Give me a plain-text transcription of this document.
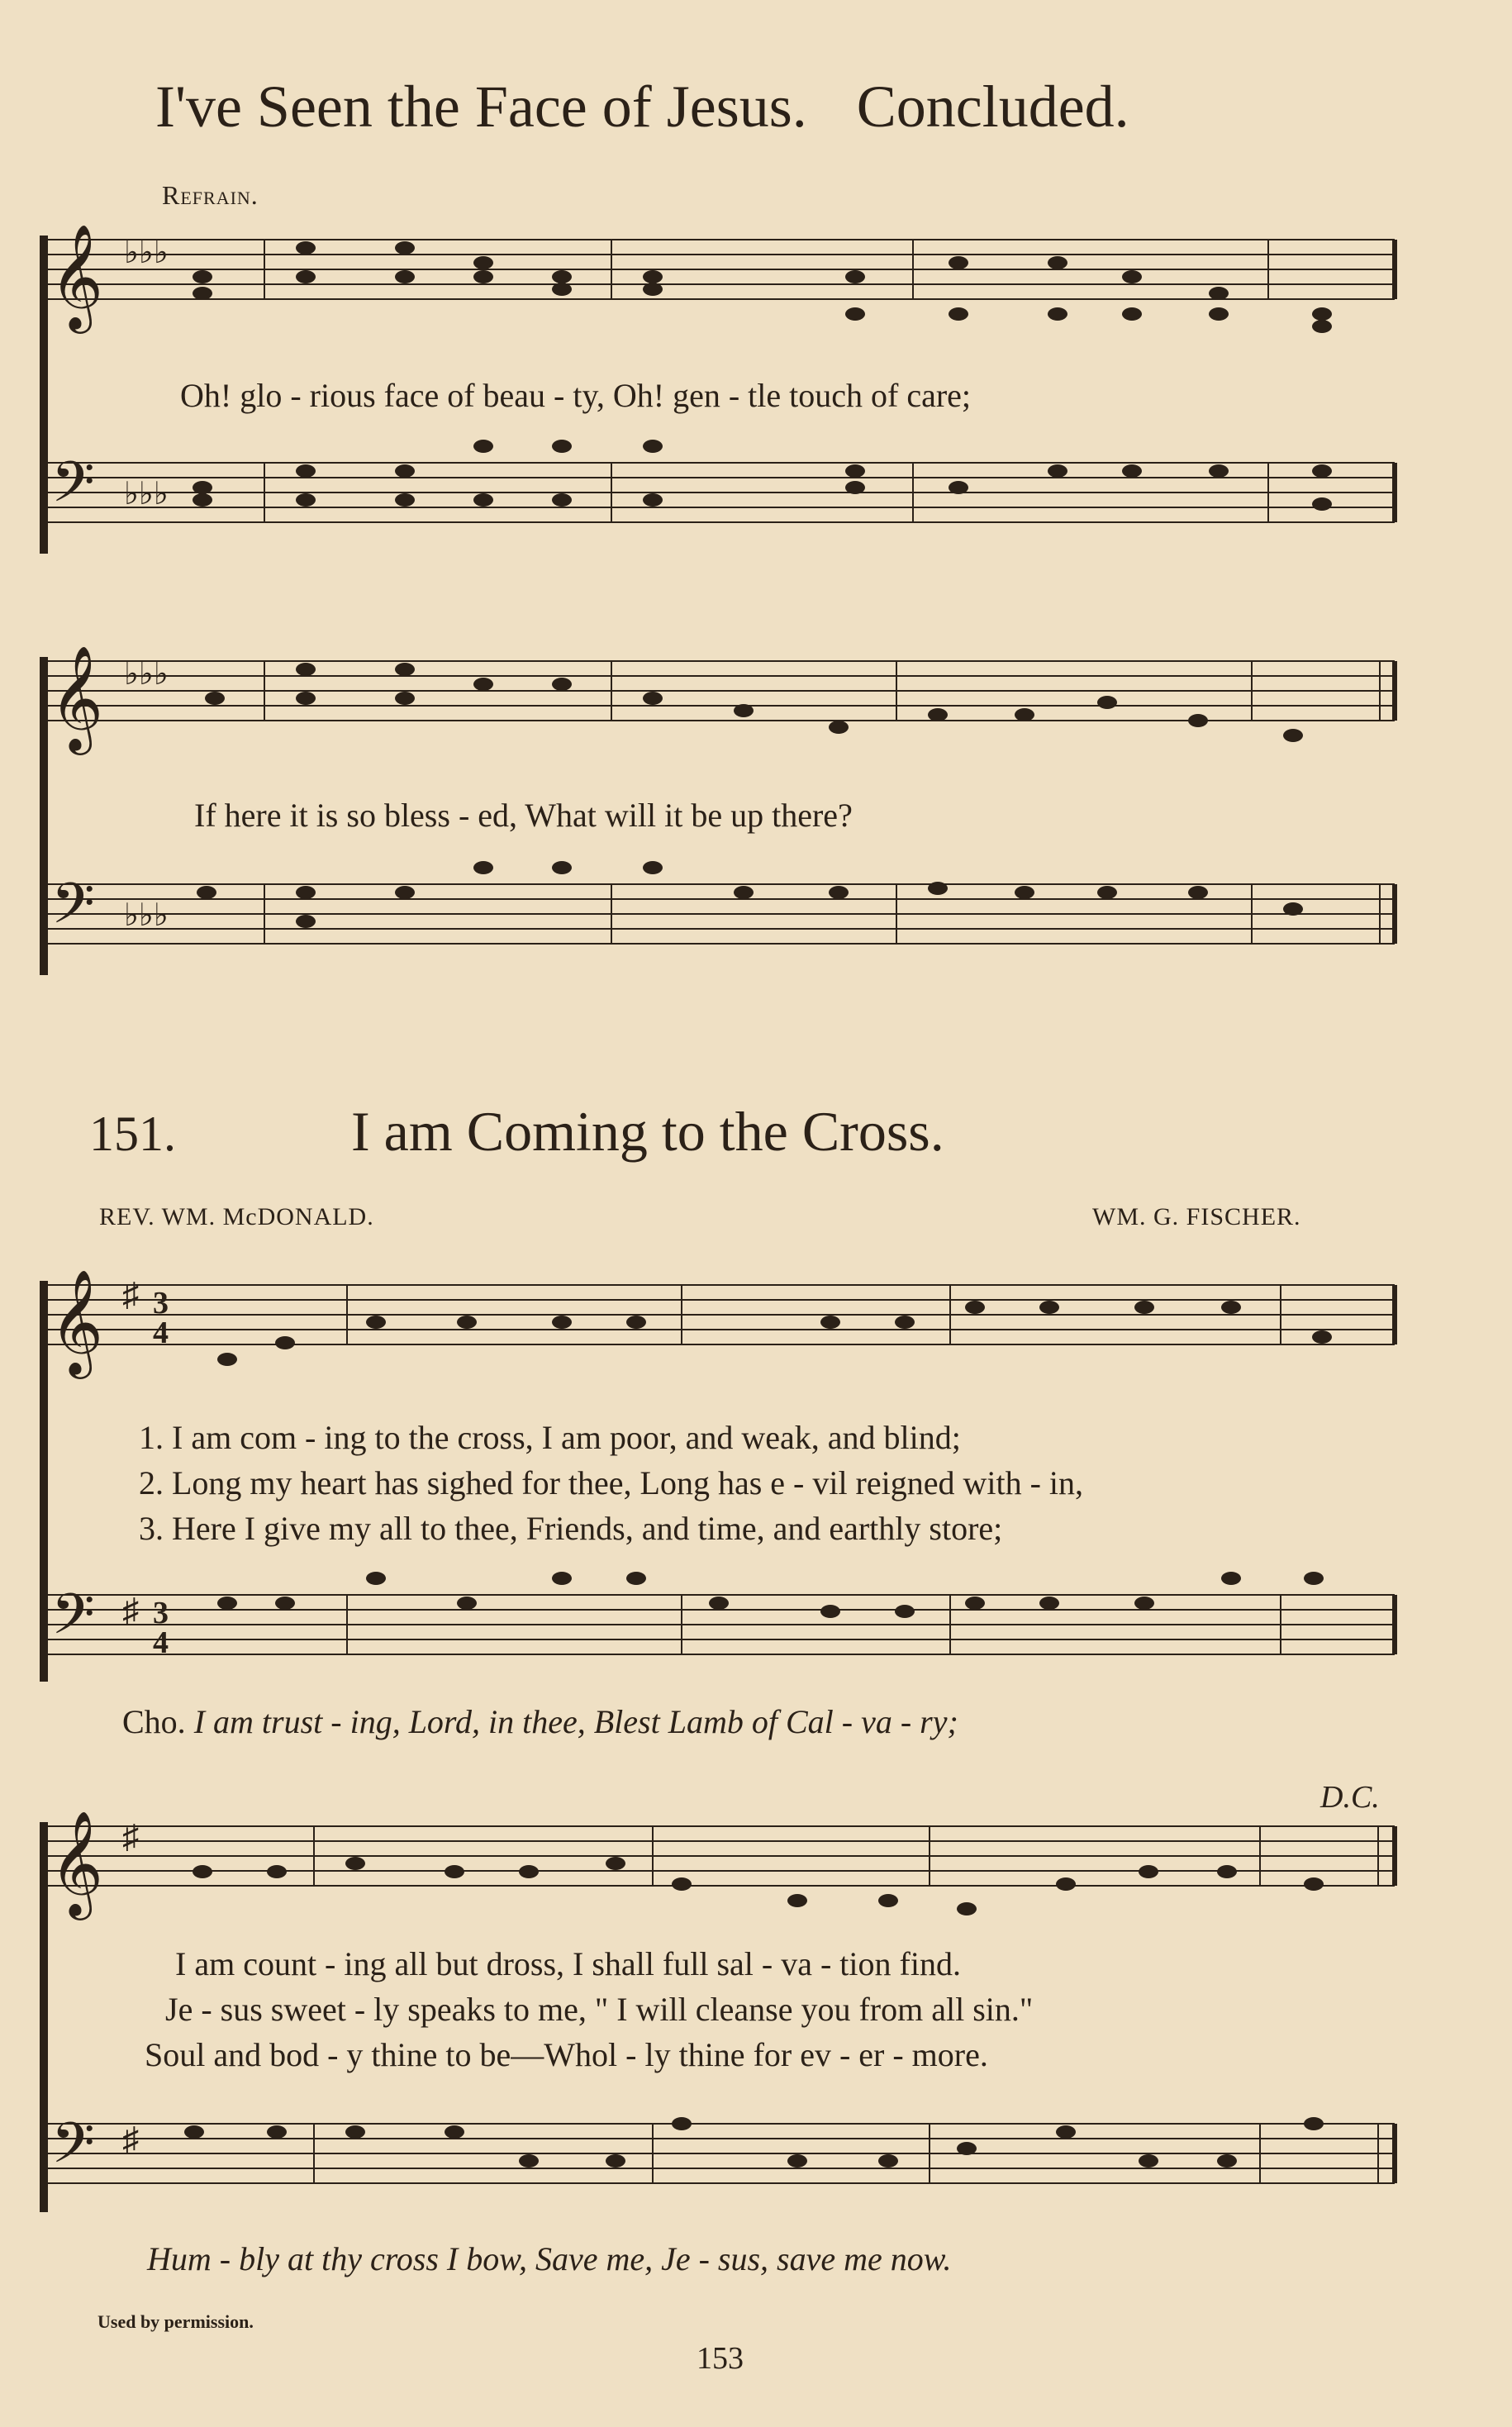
I've Seen the Face of Jesus. Concluded.
Refrain.
𝄞
𝄢
♭♭♭
♭♭♭
Oh! glo - rious face of beau - ty, Oh! gen - tle touch of care;
𝄞
𝄢
♭♭♭
♭♭♭
If here it is so bless - ed, What will it be up there?
151.	I am Coming to the Cross.
REV. WM. McDONALD.	WM. G. FISCHER.
𝄞
𝄢
♯
♯
3
4
3
4
1. I am com - ing to the cross, I am poor, and weak, and blind;
2. Long my heart has sighed for thee, Long has e - vil reigned with - in,
3. Here I give my all to thee, Friends, and time, and earthly store;
Cho. I am trust - ing, Lord, in thee, Blest Lamb of Cal - va - ry;
D.C.
𝄞
𝄢
♯
♯
I am count - ing all but dross, I shall full sal - va - tion find.
Je - sus sweet - ly speaks to me, " I will cleanse you from all sin."
Soul and bod - y thine to be—Whol - ly thine for ev - er - more.
Hum - bly at thy cross I bow, Save me, Je - sus, save me now.
Used by permission.
153
